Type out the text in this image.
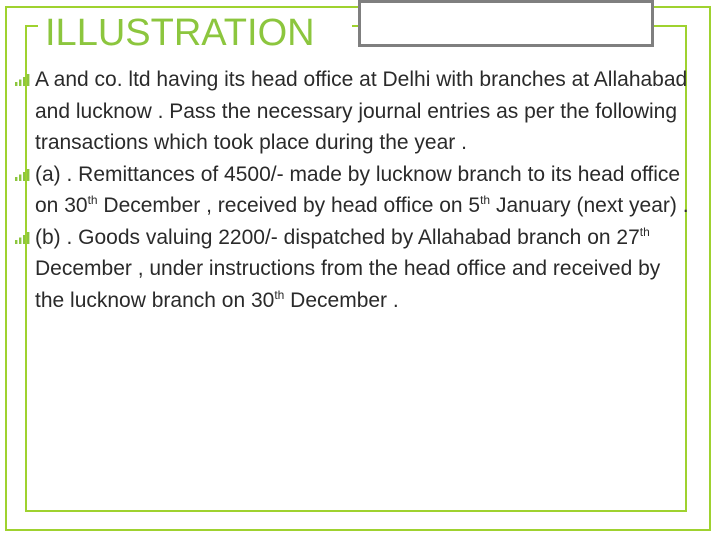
ILLUSTRATION
A and co. ltd having its head office at Delhi with branches at Allahabad and lucknow . Pass the necessary journal entries as per the following transactions which took place during the year .
(a) . Remittances of 4500/- made by lucknow branch to its head office on 30th December , received by head office on 5th January (next year) .
(b) . Goods valuing 2200/- dispatched by Allahabad branch on 27th December , under instructions from the head office and received by the lucknow branch on 30th December .
